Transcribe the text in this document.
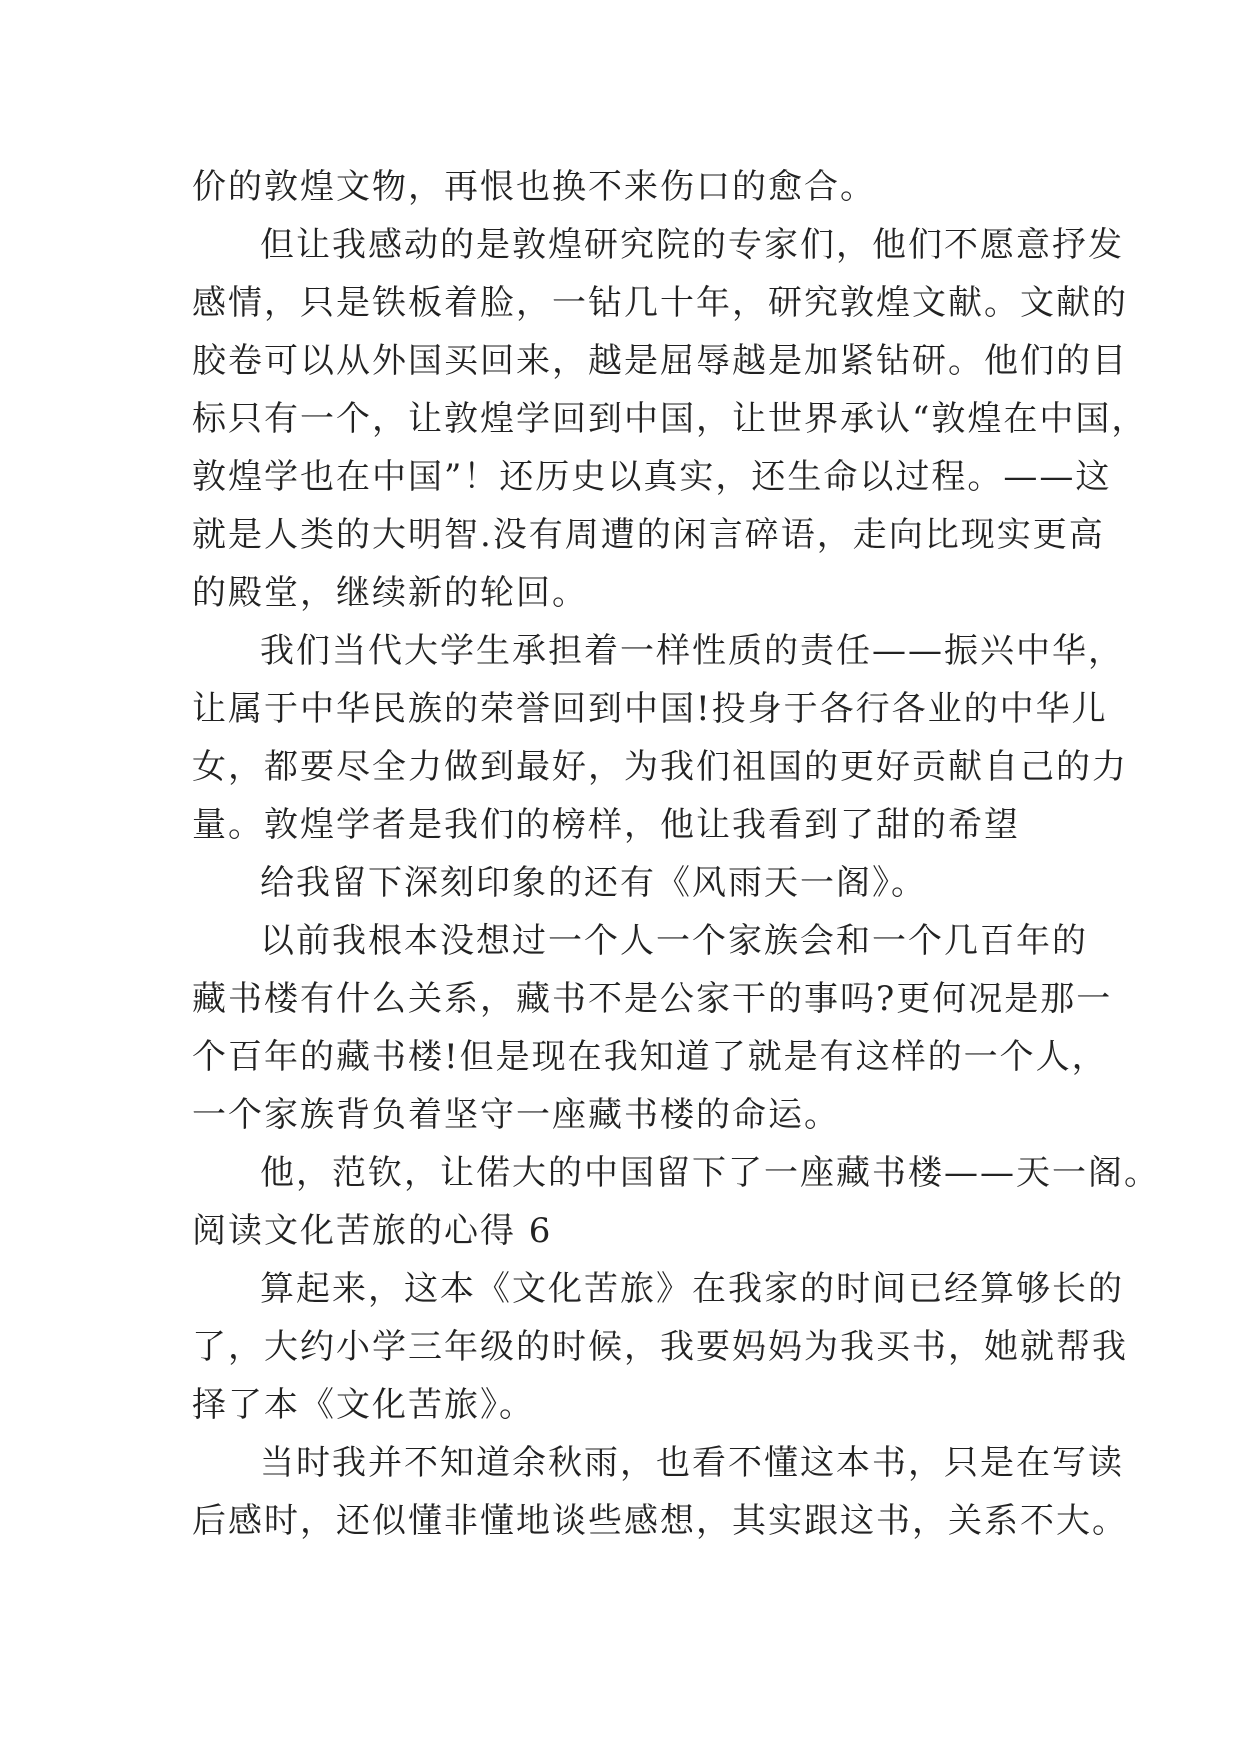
价的敦煌文物，再恨也换不来伤口的愈合。
但让我感动的是敦煌研究院的专家们，他们不愿意抒发
感情，只是铁板着脸，一钻几十年，研究敦煌文献。文献的
胶卷可以从外国买回来，越是屈辱越是加紧钻研。他们的目
标只有一个，让敦煌学回到中国，让世界承认“敦煌在中国，
敦煌学也在中国”！还历史以真实，还生命以过程。——这
就是人类的大明智.没有周遭的闲言碎语，走向比现实更高
的殿堂，继续新的轮回。
我们当代大学生承担着一样性质的责任——振兴中华，
让属于中华民族的荣誉回到中国!投身于各行各业的中华儿
女，都要尽全力做到最好，为我们祖国的更好贡献自己的力
量。敦煌学者是我们的榜样，他让我看到了甜的希望
给我留下深刻印象的还有《风雨天一阁》。
以前我根本没想过一个人一个家族会和一个几百年的
藏书楼有什么关系，藏书不是公家干的事吗?更何况是那一
个百年的藏书楼!但是现在我知道了就是有这样的一个人，
一个家族背负着坚守一座藏书楼的命运。
他，范钦，让偌大的中国留下了一座藏书楼——天一阁。
阅读文化苦旅的心得 6
算起来，这本《文化苦旅》在我家的时间已经算够长的
了，大约小学三年级的时候，我要妈妈为我买书，她就帮我
择了本《文化苦旅》。
当时我并不知道余秋雨，也看不懂这本书，只是在写读
后感时，还似懂非懂地谈些感想，其实跟这书，关系不大。
